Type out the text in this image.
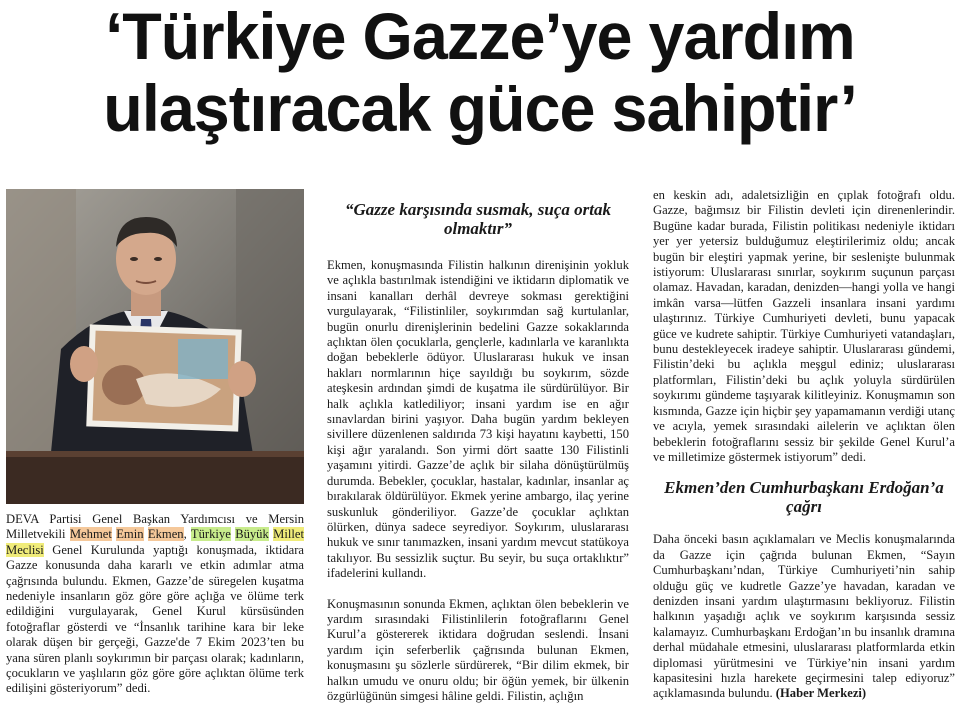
‘Türkiye Gazze’ye yardım
ulaştıracak güce sahiptir’
DEVA Partisi Genel Başkan Yardımcısı ve Mersin Milletvekili Mehmet Emin Ekmen, Türkiye Büyük Millet Meclisi Genel Kurulunda yaptığı konuşmada, iktidara Gazze konusunda daha kararlı ve etkin adımlar atma çağrısında bulundu. Ekmen, Gazze’de süregelen kuşatma nedeniyle insanların göz göre göre açlığa ve ölüme terk edildiğini vurgulayarak, Genel Kurul kürsüsünden fotoğraflar gösterdi ve “İnsanlık tarihine kara bir leke olarak düşen bir gerçeği, Gazze'de 7 Ekim 2023’ten bu yana süren planlı soykırımın bir parçası olarak; kadınların, çocukların ve yaşlıların göz göre göre açlıktan ölüme terk edilişini gösteriyorum” dedi.

“Gazze karşısında susmak, suça ortak olmaktır”

Ekmen, konuşmasında Filistin halkının direnişinin yokluk ve açlıkla bastırılmak istendiğini ve iktidarın diplomatik ve insani kanalları derhâl devreye sokması gerektiğini vurgulayarak, “Filistinliler, soykırımdan sağ kurtulanlar, bugün onurlu direnişlerinin bedelini Gazze sokaklarında açlıktan ölen çocuklarla, gençlerle, kadınlarla ve karanlıkta doğan bebeklerle ödüyor. Uluslararası hukuk ve insan hakları normlarının hiçe sayıldığı bu soykırım, sözde ateşkesin ardından şimdi de kuşatma ile sürdürülüyor. Bir halk açlıkla katlediliyor; insani yardım ise en ağır sınavlardan birini yaşıyor. Daha bugün yardım bekleyen sivillere düzenlenen saldırıda 73 kişi hayatını kaybetti, 150 kişi ağır yaralandı. Son yirmi dört saatte 130 Filistinli yaşamını yitirdi. Gazze’de açlık bir silaha dönüştürülmüş durumda. Bebekler, çocuklar, hastalar, kadınlar, insanlar aç bırakılarak öldürülüyor. Ekmek yerine ambargo, ilaç yerine suskunluk gönderiliyor. Gazze’de çocuklar açlıktan ölürken, dünya sadece seyrediyor. Soykırım, uluslararası hukuk ve sınır tanımazken, insani yardım mevcut statükoya takılıyor. Bu sessizlik suçtur. Bu seyir, bu suça ortaklıktır” ifadelerini kullandı.

Konuşmasının sonunda Ekmen, açlıktan ölen bebeklerin ve yardım sırasındaki Filistinlilerin fotoğraflarını Genel Kurul’a göstererek iktidara doğrudan seslendi. İnsani yardım için seferberlik çağrısında bulunan Ekmen, konuşmasını şu sözlerle sürdürerek, “Bir dilim ekmek, bir halkın umudu ve onuru oldu; bir öğün yemek, bir ülkenin özgürlüğünün simgesi hâline geldi. Filistin, açlığın

en keskin adı, adaletsizliğin en çıplak fotoğrafı oldu. Gazze, bağımsız bir Filistin devleti için direnenlerindir. Bugüne kadar burada, Filistin politikası nedeniyle iktidarı yer yer yetersiz bulduğumuz eleştirilerimiz oldu; ancak bugün bir eleştiri yapmak yerine, bir seslenişte bulunmak istiyorum: Uluslararası sınırlar, soykırım suçunun parçası olamaz. Havadan, karadan, denizden—hangi yolla ve hangi imkân varsa—lütfen Gazzeli insanlara insani yardımı ulaştırınız. Türkiye Cumhuriyeti devleti, bunu yapacak güce ve kudrete sahiptir. Türkiye Cumhuriyeti vatandaşları, bunu destekleyecek iradeye sahiptir. Uluslararası gündemi, Filistin’deki bu açlıkla meşgul ediniz; uluslararası platformları, Filistin’deki bu açlık yoluyla sürdürülen soykırımı gündeme taşıyarak kilitleyiniz. Konuşmamın son kısmında, Gazze için hiçbir şey yapamamanın verdiği utanç ve acıyla, yemek sırasındaki ailelerin ve açlıktan ölen bebeklerin fotoğraflarını sessiz bir şekilde Genel Kurul’a ve milletimize göstermek istiyorum” dedi.

Ekmen’den Cumhurbaşkanı Erdoğan’a çağrı

Daha önceki basın açıklamaları ve Meclis konuşmalarında da Gazze için çağrıda bulunan Ekmen, “Sayın Cumhurbaşkanı’ndan, Türkiye Cumhuriyeti’nin sahip olduğu güç ve kudretle Gazze’ye havadan, karadan ve denizden insani yardım ulaştırmasını bekliyoruz. Filistin halkının yaşadığı açlık ve soykırım karşısında sessiz kalamayız. Cumhurbaşkanı Erdoğan’ın bu insanlık dramına derhal müdahale etmesini, uluslararası platformlarda etkin diplomasi yürütmesini ve Türkiye’nin insani yardım kapasitesini hızla harekete geçirmesini talep ediyoruz” açıklamasında bulundu. (Haber Merkezi)
